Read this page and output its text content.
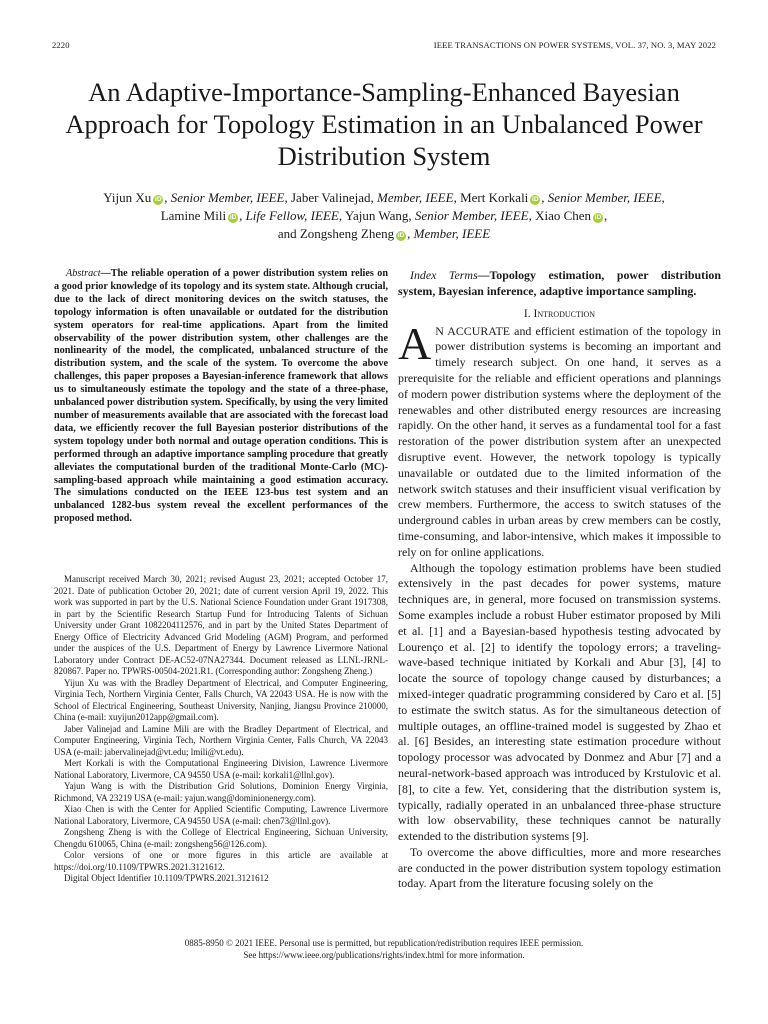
2220	IEEE TRANSACTIONS ON POWER SYSTEMS, VOL. 37, NO. 3, MAY 2022
An Adaptive-Importance-Sampling-Enhanced Bayesian Approach for Topology Estimation in an Unbalanced Power Distribution System
Yijun Xu iD , Senior Member, IEEE, Jaber Valinejad, Member, IEEE, Mert Korkali iD , Senior Member, IEEE,
Lamine Mili iD , Life Fellow, IEEE, Yajun Wang, Senior Member, IEEE, Xiao Chen iD ,
and Zongsheng Zheng iD , Member, IEEE

Abstract—The reliable operation of a power distribution system relies on a good prior knowledge of its topology and its system state. Although crucial, due to the lack of direct monitoring devices on the switch statuses, the topology information is often unavailable or outdated for the distribution system operators for real-time applications. Apart from the limited observability of the power distribution system, other challenges are the nonlinearity of the model, the complicated, unbalanced structure of the distribution system, and the scale of the system. To overcome the above challenges, this paper proposes a Bayesian-inference framework that allows us to simultaneously estimate the topology and the state of a three-phase, unbalanced power distribution system. Specifically, by using the very limited number of measurements available that are associated with the forecast load data, we efficiently recover the full Bayesian posterior distributions of the system topology under both normal and outage operation conditions. This is performed through an adaptive importance sampling procedure that greatly alleviates the computational burden of the traditional Monte-Carlo (MC)-sampling-based approach while maintaining a good estimation accuracy. The simulations conducted on the IEEE 123-bus test system and an unbalanced 1282-bus system reveal the excellent performances of the proposed method.

Manuscript received March 30, 2021; revised August 23, 2021; accepted October 17, 2021. Date of publication October 20, 2021; date of current version April 19, 2022. This work was supported in part by the U.S. National Science Foundation under Grant 1917308, in part by the Scientific Research Startup Fund for Introducing Talents of Sichuan University under Grant 1082204112576, and in part by the United States Department of Energy Office of Electricity Advanced Grid Modeling (AGM) Program, and performed under the auspices of the U.S. Department of Energy by Lawrence Livermore National Laboratory under Contract DE-AC52-07NA27344. Document released as LLNL-JRNL-820867. Paper no. TPWRS-00504-2021.R1. (Corresponding author: Zongsheng Zheng.)

Yijun Xu was with the Bradley Department of Electrical, and Computer Engineering, Virginia Tech, Northern Virginia Center, Falls Church, VA 22043 USA. He is now with the School of Electrical Engineering, Southeast University, Nanjing, Jiangsu Province 210000, China (e-mail: xuyijun2012app@gmail.com).

Jaber Valinejad and Lamine Mili are with the Bradley Department of Electrical, and Computer Engineering, Virginia Tech, Northern Virginia Center, Falls Church, VA 22043 USA (e-mail: jabervalinejad@vt.edu; lmili@vt.edu).

Mert Korkali is with the Computational Engineering Division, Lawrence Livermore National Laboratory, Livermore, CA 94550 USA (e-mail: korkali1@llnl.gov).

Yajun Wang is with the Distribution Grid Solutions, Dominion Energy Virginia, Richmond, VA 23219 USA (e-mail: yajun.wang@dominionenergy.com).

Xiao Chen is with the Center for Applied Scientific Computing, Lawrence Livermore National Laboratory, Livermore, CA 94550 USA (e-mail: chen73@llnl.gov).

Zongsheng Zheng is with the College of Electrical Engineering, Sichuan University, Chengdu 610065, China (e-mail: zongsheng56@126.com).

Color versions of one or more figures in this article are available at https://doi.org/10.1109/TPWRS.2021.3121612.

Digital Object Identifier 10.1109/TPWRS.2021.3121612

Index Terms—Topology estimation, power distribution system, Bayesian inference, adaptive importance sampling.

I. Introduction

A N ACCURATE and efficient estimation of the topology in power distribution systems is becoming an important and timely research subject. On one hand, it serves as a prerequisite for the reliable and efficient operations and plannings of modern power distribution systems where the deployment of the renewables and other distributed energy resources are increasing rapidly. On the other hand, it serves as a fundamental tool for a fast restoration of the power distribution system after an unexpected disruptive event. However, the network topology is typically unavailable or outdated due to the limited information of the network switch statuses and their insufficient visual verification by crew members. Furthermore, the access to switch statuses of the underground cables in urban areas by crew members can be costly, time-consuming, and labor-intensive, which makes it impossible to rely on for online applications.

Although the topology estimation problems have been studied extensively in the past decades for power systems, mature techniques are, in general, more focused on transmission systems. Some examples include a robust Huber estimator proposed by Mili et al. [1] and a Bayesian-based hypothesis testing advocated by Lourenço et al. [2] to identify the topology errors; a traveling-wave-based technique initiated by Korkali and Abur [3], [4] to locate the source of topology change caused by disturbances; a mixed-integer quadratic programming considered by Caro et al. [5] to estimate the switch status. As for the simultaneous detection of multiple outages, an offline-trained model is suggested by Zhao et al. [6] Besides, an interesting state estimation procedure without topology processor was advocated by Donmez and Abur [7] and a neural-network-based approach was introduced by Krstulovic et al. [8], to cite a few. Yet, considering that the distribution system is, typically, radially operated in an unbalanced three-phase structure with low observability, these techniques cannot be naturally extended to the distribution systems [9].

To overcome the above difficulties, more and more researches are conducted in the power distribution system topology estimation today. Apart from the literature focusing solely on the

0885-8950 © 2021 IEEE. Personal use is permitted, but republication/redistribution requires IEEE permission.
See https://www.ieee.org/publications/rights/index.html for more information.
